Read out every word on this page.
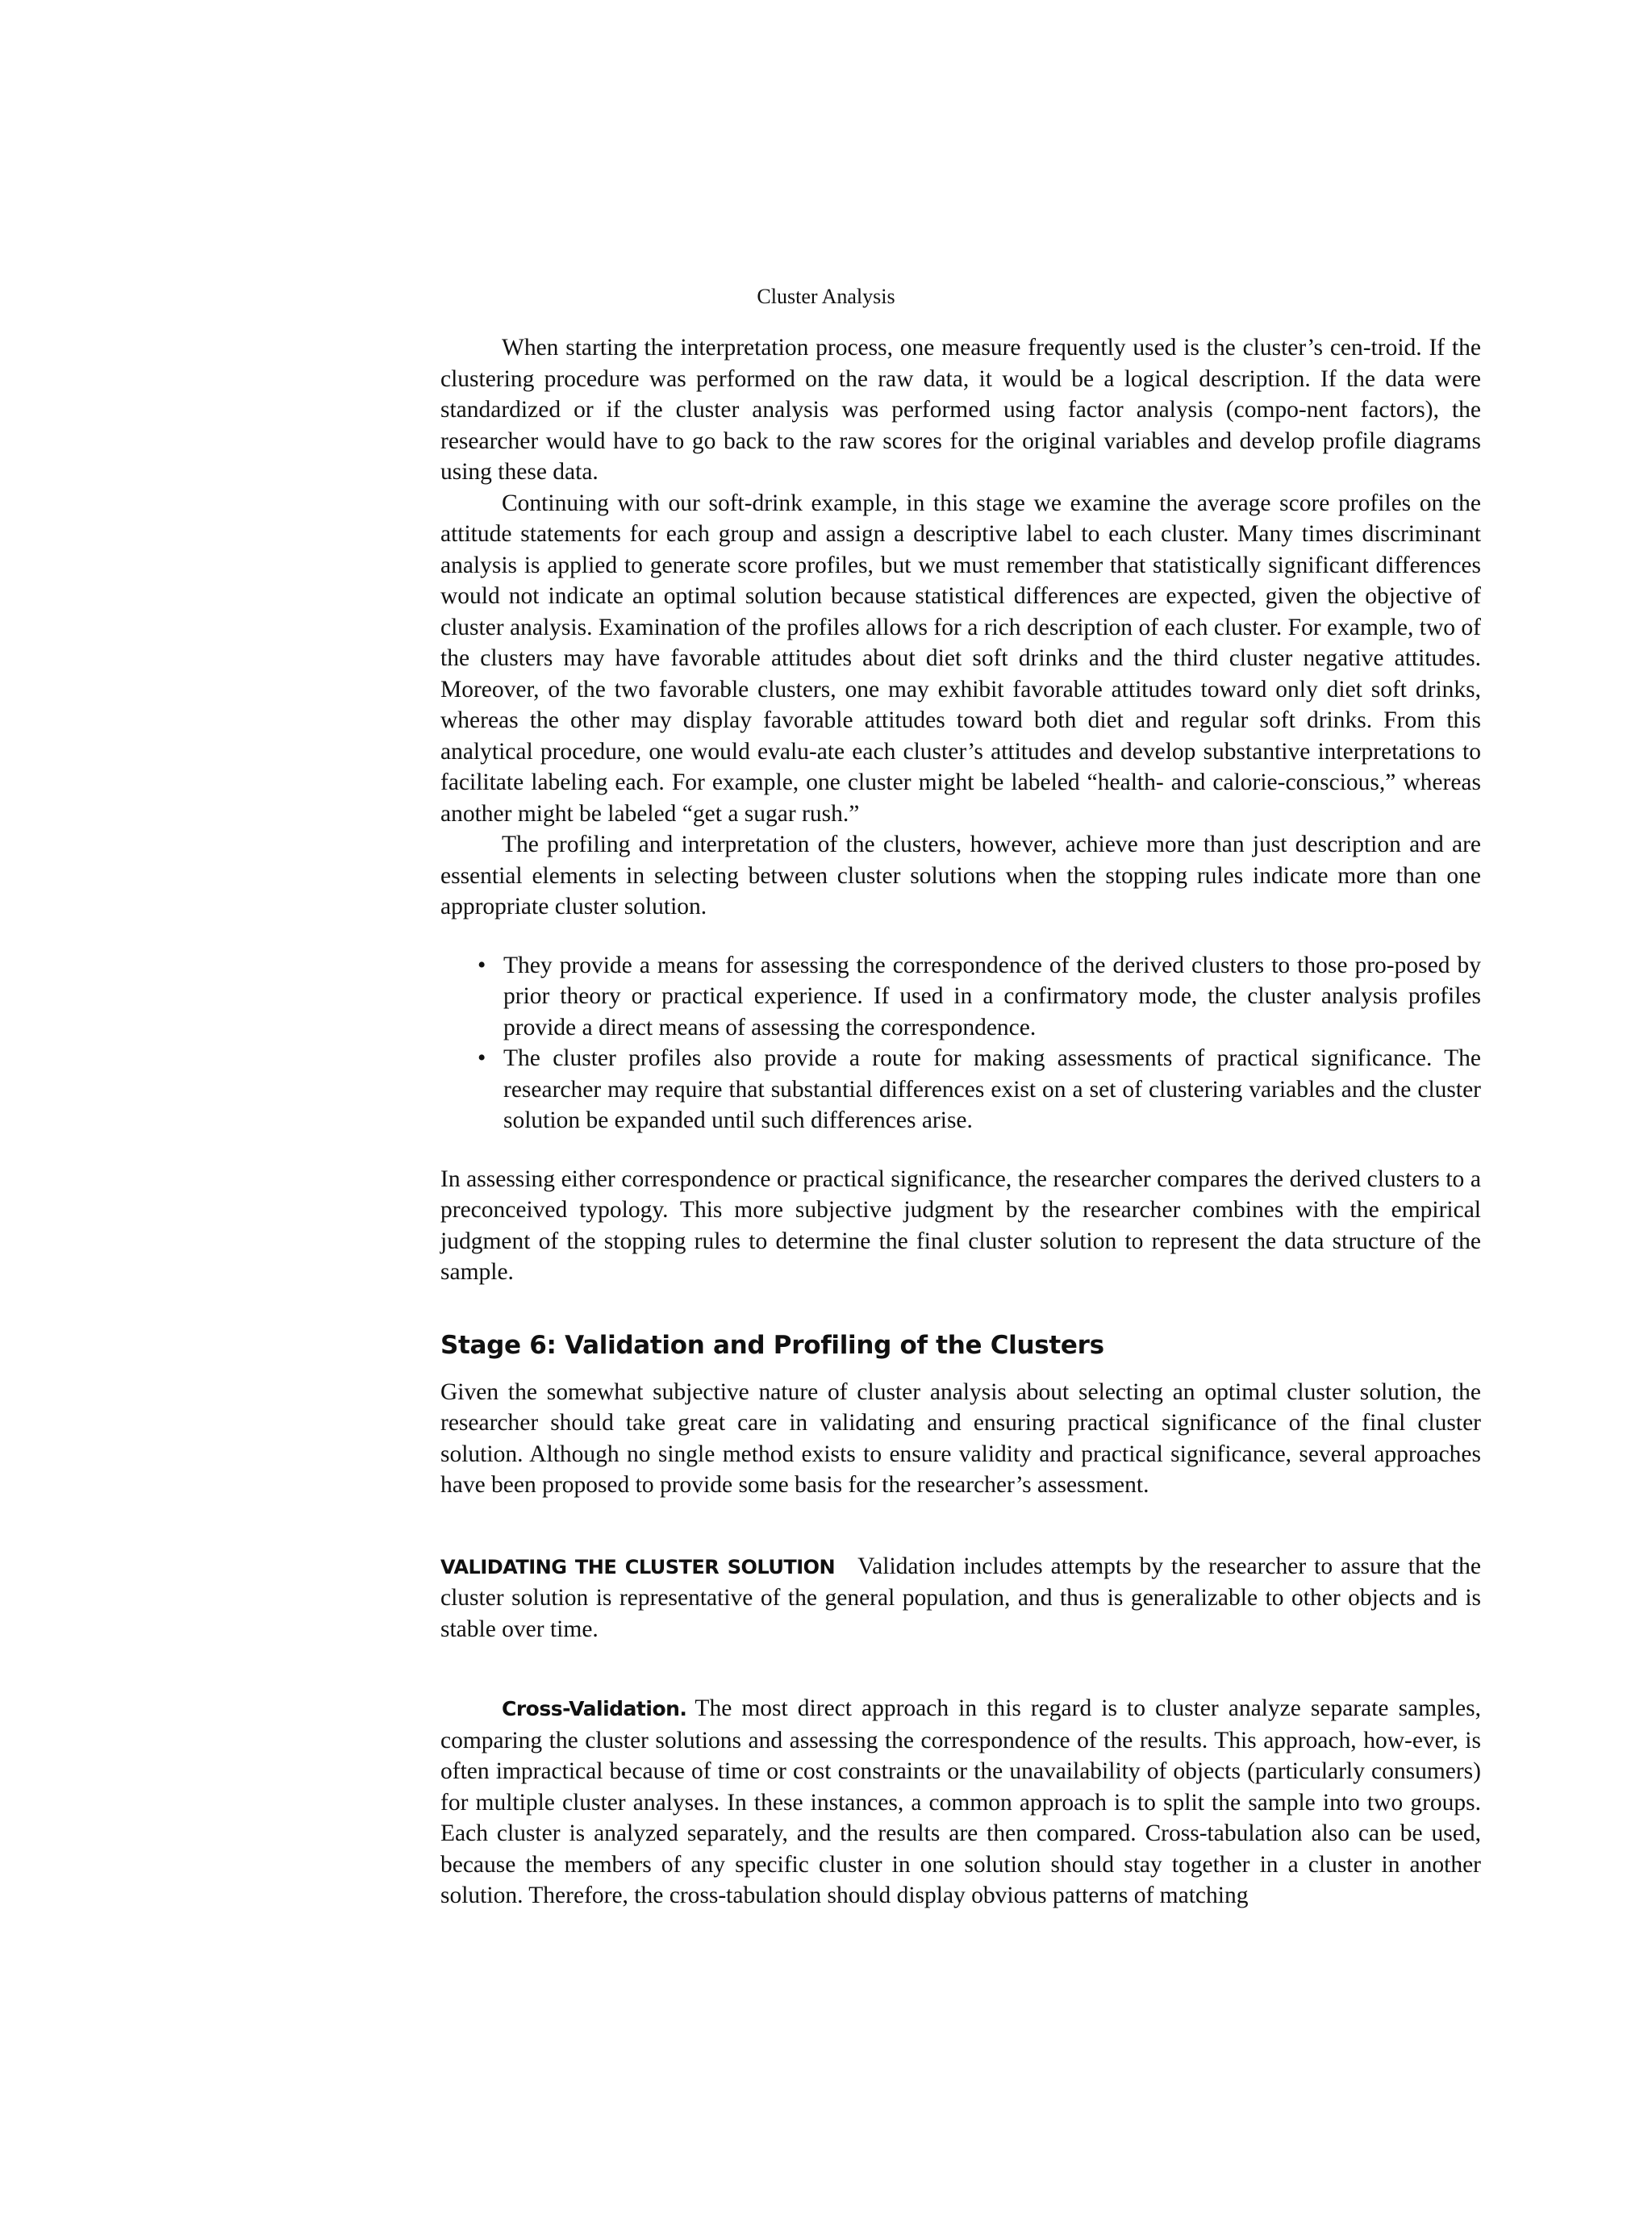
Cluster Analysis

When starting the interpretation process, one measure frequently used is the cluster’s cen-troid. If the clustering procedure was performed on the raw data, it would be a logical description. If the data were standardized or if the cluster analysis was performed using factor analysis (compo-nent factors), the researcher would have to go back to the raw scores for the original variables and develop profile diagrams using these data.

Continuing with our soft-drink example, in this stage we examine the average score profiles on the attitude statements for each group and assign a descriptive label to each cluster. Many times discriminant analysis is applied to generate score profiles, but we must remember that statistically significant differences would not indicate an optimal solution because statistical differences are expected, given the objective of cluster analysis. Examination of the profiles allows for a rich description of each cluster. For example, two of the clusters may have favorable attitudes about diet soft drinks and the third cluster negative attitudes. Moreover, of the two favorable clusters, one may exhibit favorable attitudes toward only diet soft drinks, whereas the other may display favorable attitudes toward both diet and regular soft drinks. From this analytical procedure, one would evalu-ate each cluster’s attitudes and develop substantive interpretations to facilitate labeling each. For example, one cluster might be labeled “health- and calorie-conscious,” whereas another might be labeled “get a sugar rush.”

The profiling and interpretation of the clusters, however, achieve more than just description and are essential elements in selecting between cluster solutions when the stopping rules indicate more than one appropriate cluster solution.

• They provide a means for assessing the correspondence of the derived clusters to those pro-posed by prior theory or practical experience. If used in a confirmatory mode, the cluster analysis profiles provide a direct means of assessing the correspondence.
• The cluster profiles also provide a route for making assessments of practical significance. The researcher may require that substantial differences exist on a set of clustering variables and the cluster solution be expanded until such differences arise.

In assessing either correspondence or practical significance, the researcher compares the derived clusters to a preconceived typology. This more subjective judgment by the researcher combines with the empirical judgment of the stopping rules to determine the final cluster solution to represent the data structure of the sample.

Stage 6: Validation and Profiling of the Clusters

Given the somewhat subjective nature of cluster analysis about selecting an optimal cluster solution, the researcher should take great care in validating and ensuring practical significance of the final cluster solution. Although no single method exists to ensure validity and practical significance, several approaches have been proposed to provide some basis for the researcher’s assessment.

VALIDATING THE CLUSTER SOLUTION Validation includes attempts by the researcher to assure that the cluster solution is representative of the general population, and thus is generalizable to other objects and is stable over time.

Cross-Validation. The most direct approach in this regard is to cluster analyze separate samples, comparing the cluster solutions and assessing the correspondence of the results. This approach, how-ever, is often impractical because of time or cost constraints or the unavailability of objects (particularly consumers) for multiple cluster analyses. In these instances, a common approach is to split the sample into two groups. Each cluster is analyzed separately, and the results are then compared. Cross-tabulation also can be used, because the members of any specific cluster in one solution should stay together in a cluster in another solution. Therefore, the cross-tabulation should display obvious patterns of matching
